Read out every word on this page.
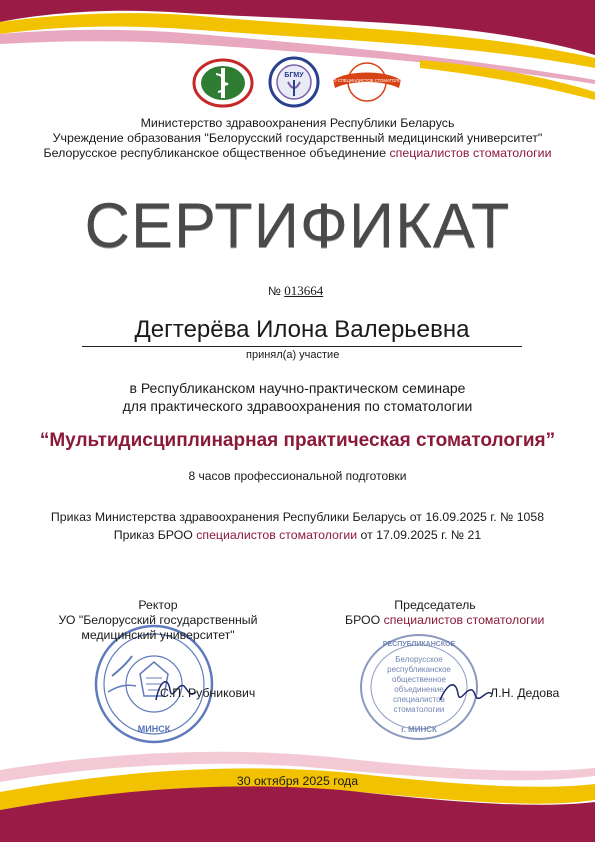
БГМУ
БРОО СПЕЦИАЛИСТОВ СТОМАТОЛОГИИ
Министерство здравоохранения Республики Беларусь
Учреждение образования "Белорусский государственный медицинский университет"
Белорусское республиканское общественное объединение специалистов стоматологии
СЕРТИФИКАТ
№ 013664
Дегтерёва Илона Валерьевна
принял(а) участие
в Республиканском научно-практическом семинаре
для практического здравоохранения по стоматологии
“Мультидисциплинарная практическая стоматология”
8 часов профессиональной подготовки
Приказ Министерства здравоохранения Республики Беларусь от 16.09.2025 г. № 1058
Приказ БРОО специалистов стоматологии от 17.09.2025 г. № 21
МИНСК
Ректор
УО "Белорусский государственный
медицинский университет"
С.П. Рубникович
Председатель
БРОО специалистов стоматологии
РЕСПУБЛИКАНСКОЕ
Белорусское
республиканское
общественное
объединение
специалистов
стоматологии
г. МИНСК
Л.Н. Дедова
30 октября 2025 года
